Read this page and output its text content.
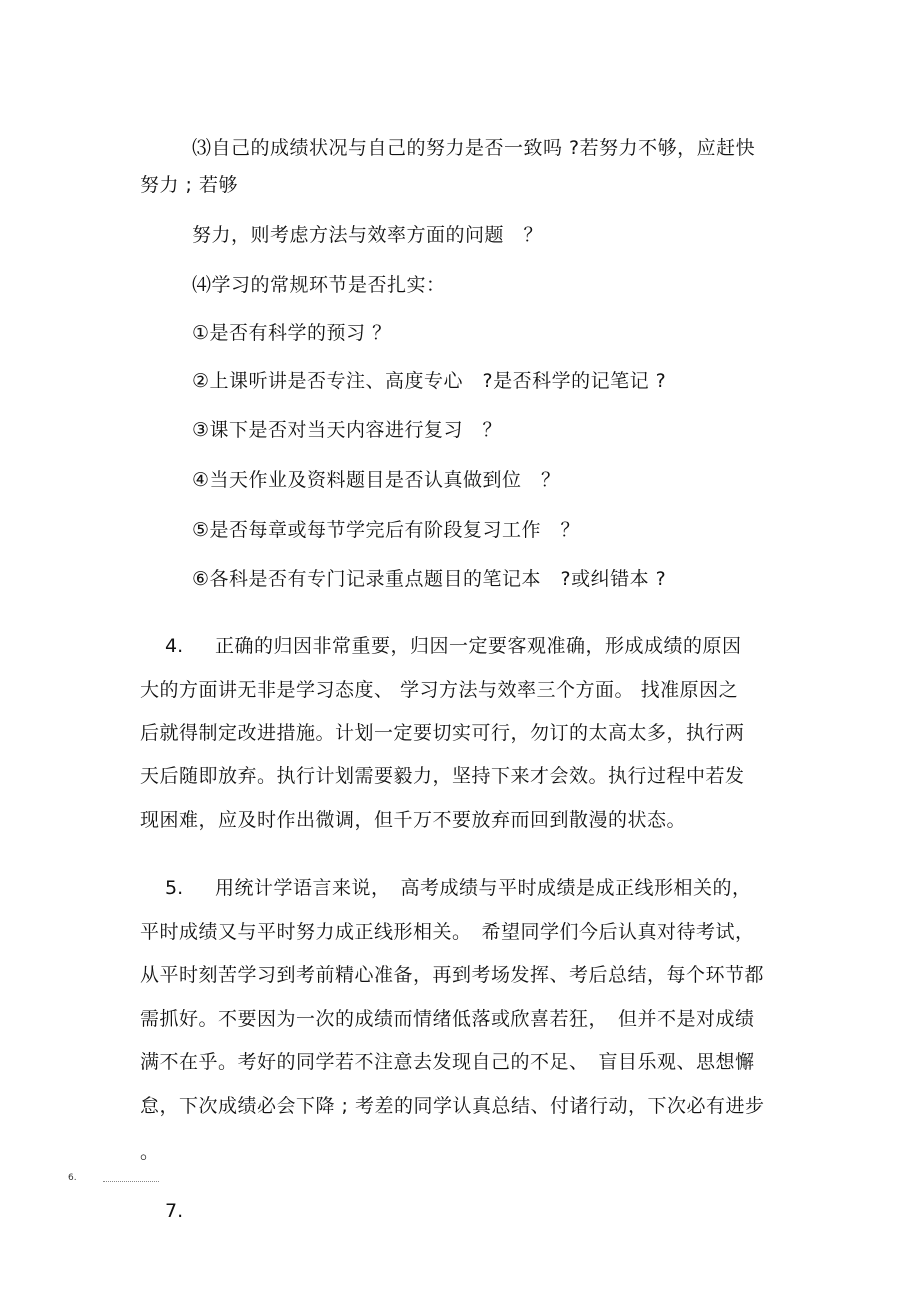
⑶自己的成绩状况与自己的努力是否一致吗 ?若努力不够，应赶快
努力 ; 若够
努力，则考虑方法与效率方面的问题　？
⑷学习的常规环节是否扎实：
①是否有科学的预习 ？
②上课听讲是否专注、高度专心　?是否科学的记笔记 ?
③课下是否对当天内容进行复习　？
④当天作业及资料题目是否认真做到位　？
⑤是否每章或每节学完后有阶段复习工作　？
⑥各科是否有专门记录重点题目的笔记本　?或纠错本 ?
4. 正确的归因非常重要，归因一定要客观准确，形成成绩的原因
大的方面讲无非是学习态度、 学习方法与效率三个方面。 找准原因之
后就得制定改进措施。计划一定要切实可行，勿订的太高太多，执行两
天后随即放弃。执行计划需要毅力，坚持下来才会效。执行过程中若发
现困难，应及时作出微调，但千万不要放弃而回到散漫的状态。
5. 用统计学语言来说，　高考成绩与平时成绩是成正线形相关的，
平时成绩又与平时努力成正线形相关。　希望同学们今后认真对待考试，
从平时刻苦学习到考前精心准备，再到考场发挥、考后总结，每个环节都
需抓好。不要因为一次的成绩而情绪低落或欣喜若狂，　但并不是对成绩
满不在乎。考好的同学若不注意去发现自己的不足、　盲目乐观、思想懈
怠，下次成绩必会下降 ; 考差的同学认真总结、付诸行动，下次必有进步
。
6.
7.
